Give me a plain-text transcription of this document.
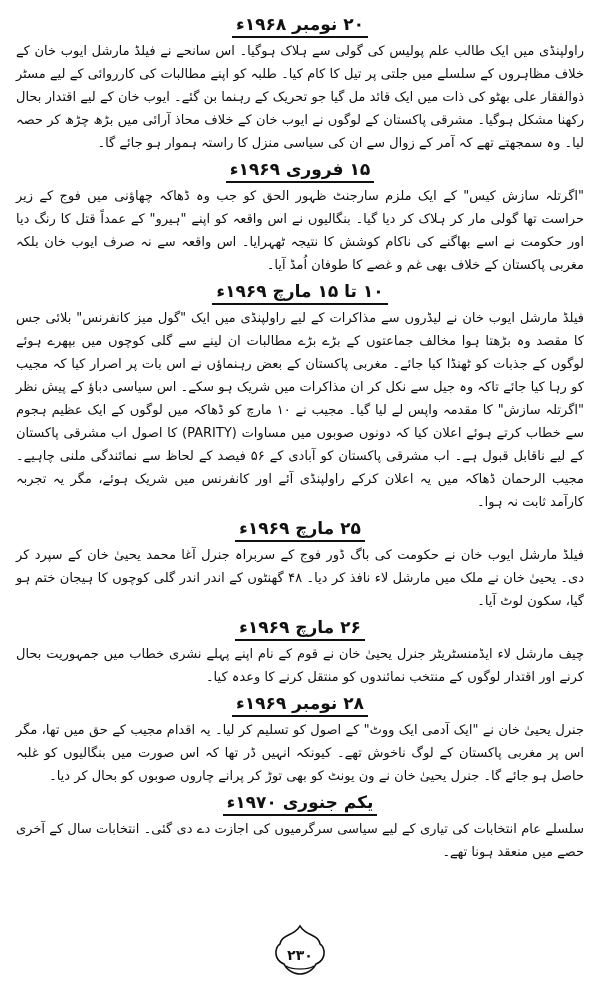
۲۰ نومبر ۱۹۶۸ء

راولپنڈی میں ایک طالب علم پولیس کی گولی سے ہلاک ہوگیا۔ اس سانحے نے فیلڈ مارشل ایوب خان کے خلاف مظاہروں کے سلسلے میں جلتی پر تیل کا کام کیا۔ طلبہ کو اپنے مطالبات کی کارروائی کے لیے مسٹر ذوالفقار علی بھٹو کی ذات میں ایک قائد مل گیا جو تحریک کے رہنما بن گئے۔ ایوب خان کے لیے اقتدار بحال رکھنا مشکل ہوگیا۔ مشرقی پاکستان کے لوگوں نے ایوب خان کے خلاف محاذ آرائی میں بڑھ چڑھ کر حصہ لیا۔ وہ سمجھتے تھے کہ آمر کے زوال سے ان کی سیاسی منزل کا راستہ ہموار ہو جائے گا۔

۱۵ فروری ۱۹۶۹ء

"اگرتلہ سازش کیس" کے ایک ملزم سارجنٹ ظہور الحق کو جب وہ ڈھاکہ چھاؤنی میں فوج کے زیر حراست تھا گولی مار کر ہلاک کر دیا گیا۔ بنگالیوں نے اس واقعہ کو اپنے "ہیرو" کے عمداً قتل کا رنگ دیا اور حکومت نے اسے بھاگنے کی ناکام کوشش کا نتیجہ ٹھہرایا۔ اس واقعہ سے نہ صرف ایوب خان بلکہ مغربی پاکستان کے خلاف بھی غم و غصے کا طوفان اُمڈ آیا۔

۱۰ تا ۱۵ مارچ ۱۹۶۹ء

فیلڈ مارشل ایوب خان نے لیڈروں سے مذاکرات کے لیے راولپنڈی میں ایک "گول میز کانفرنس" بلائی جس کا مقصد وہ بڑھتا ہوا مخالف جماعتوں کے بڑے بڑے مطالبات ان لینے سے گلی کوچوں میں بپھرے ہوئے لوگوں کے جذبات کو ٹھنڈا کیا جائے۔ مغربی پاکستان کے بعض رہنماؤں نے اس بات پر اصرار کیا کہ مجیب کو رہا کیا جائے تاکہ وہ جیل سے نکل کر ان مذاکرات میں شریک ہو سکے۔ اس سیاسی دباؤ کے پیش نظر "اگرتلہ سازش" کا مقدمہ واپس لے لیا گیا۔ مجیب نے ۱۰ مارچ کو ڈھاکہ میں لوگوں کے ایک عظیم ہجوم سے خطاب کرتے ہوئے اعلان کیا کہ دونوں صوبوں میں مساوات (PARITY) کا اصول اب مشرقی پاکستان کے لیے ناقابل قبول ہے۔ اب مشرقی پاکستان کو آبادی کے ۵۶ فیصد کے لحاظ سے نمائندگی ملنی چاہیے۔ مجیب الرحمان ڈھاکہ میں یہ اعلان کرکے راولپنڈی آئے اور کانفرنس میں شریک ہوئے، مگر یہ تجربہ کارآمد ثابت نہ ہوا۔

۲۵ مارچ ۱۹۶۹ء

فیلڈ مارشل ایوب خان نے حکومت کی باگ ڈور فوج کے سربراہ جنرل آغا محمد یحییٰ خان کے سپرد کر دی۔ یحییٰ خان نے ملک میں مارشل لاء نافذ کر دیا۔ ۴۸ گھنٹوں کے اندر اندر گلی کوچوں کا ہیجان ختم ہو گیا، سکون لوٹ آیا۔

۲۶ مارچ ۱۹۶۹ء

چیف مارشل لاء ایڈمنسٹریٹر جنرل یحییٰ خان نے قوم کے نام اپنے پہلے نشری خطاب میں جمہوریت بحال کرنے اور اقتدار لوگوں کے منتخب نمائندوں کو منتقل کرنے کا وعدہ کیا۔

۲۸ نومبر ۱۹۶۹ء

جنرل یحییٰ خان نے "ایک آدمی ایک ووٹ" کے اصول کو تسلیم کر لیا۔ یہ اقدام مجیب کے حق میں تھا، مگر اس پر مغربی پاکستان کے لوگ ناخوش تھے۔ کیونکہ انہیں ڈر تھا کہ اس صورت میں بنگالیوں کو غلبہ حاصل ہو جائے گا۔ جنرل یحییٰ خان نے ون یونٹ کو بھی توڑ کر پرانے چاروں صوبوں کو بحال کر دیا۔

یکم جنوری ۱۹۷۰ء

سلسلے عام انتخابات کی تیاری کے لیے سیاسی سرگرمیوں کی اجازت دے دی گئی۔ انتخابات سال کے آخری حصے میں منعقد ہونا تھے۔

۲۳۰
